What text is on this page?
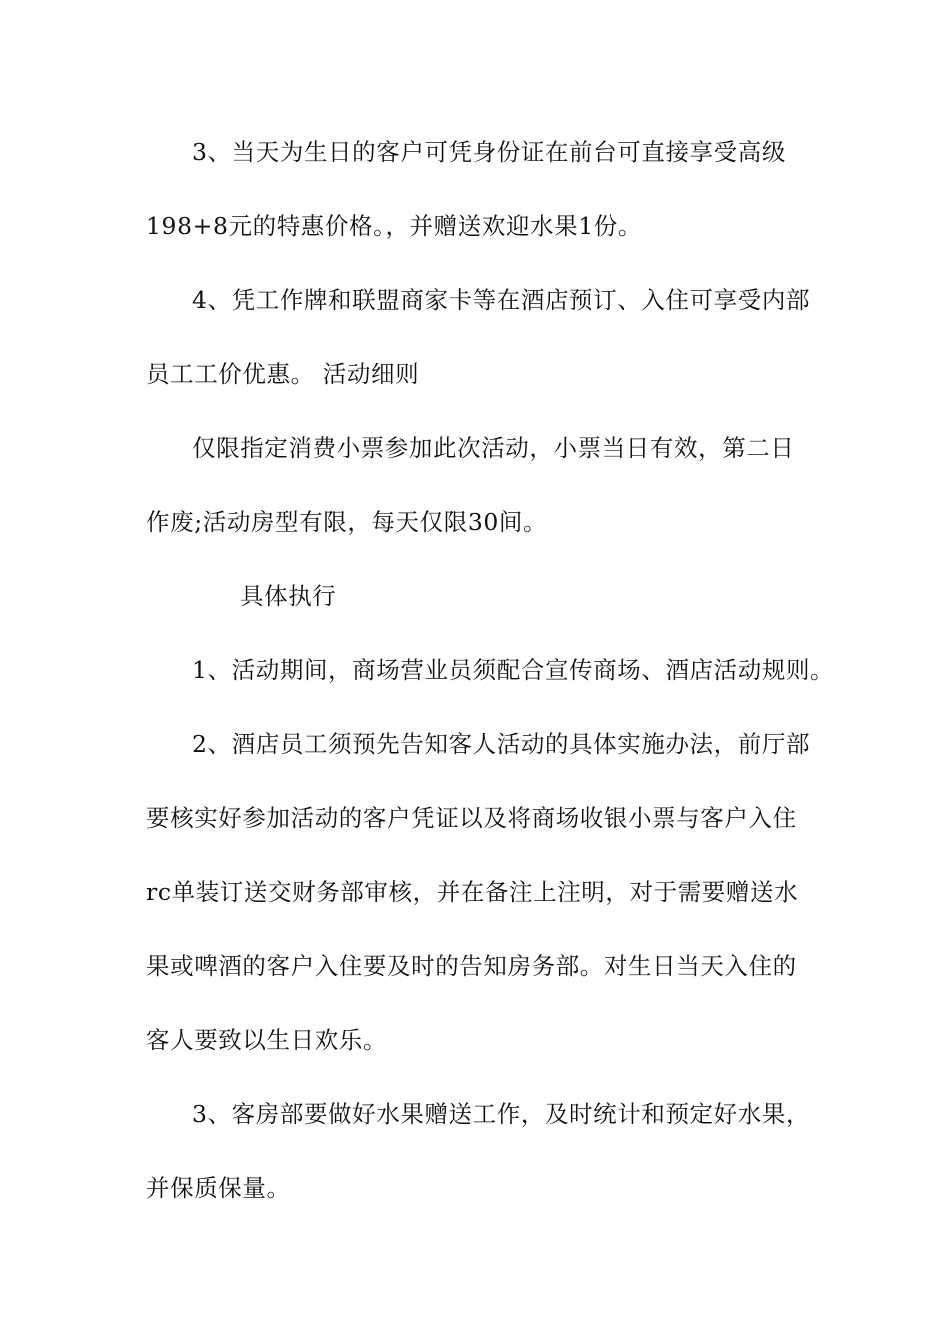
3、当天为生日的客户可凭身份证在前台可直接享受高级
198+8元的特惠价格。，并赠送欢迎水果1份。
4、凭工作牌和联盟商家卡等在酒店预订、入住可享受内部
员工工价优惠。 活动细则
仅限指定消费小票参加此次活动，小票当日有效，第二日
作废;活动房型有限，每天仅限30间。
具体执行
1、活动期间，商场营业员须配合宣传商场、酒店活动规则。
2、酒店员工须预先告知客人活动的具体实施办法，前厅部
要核实好参加活动的客户凭证以及将商场收银小票与客户入住
rc单装订送交财务部审核，并在备注上注明，对于需要赠送水
果或啤酒的客户入住要及时的告知房务部。对生日当天入住的
客人要致以生日欢乐。
3、客房部要做好水果赠送工作，及时统计和预定好水果，
并保质保量。
